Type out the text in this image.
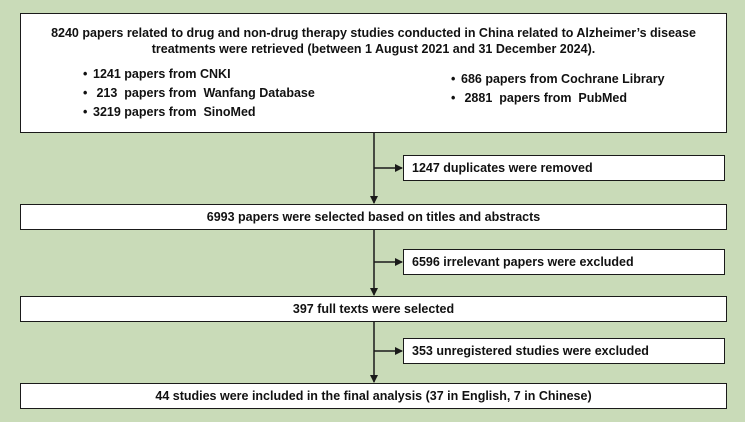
8240 papers related to drug and non-drug therapy studies conducted in China related to Alzheimer’s disease treatments were retrieved (between 1 August 2021 and 31 December 2024).
• 1241 papers from CNKI
•  213  papers from  Wanfang Database
• 3219 papers from  SinoMed
• 686 papers from Cochrane Library
•  2881  papers from  PubMed
1247 duplicates were removed
6993 papers were selected based on titles and abstracts
6596 irrelevant papers were excluded
397 full texts were selected
353 unregistered studies were excluded
44 studies were included in the final analysis (37 in English, 7 in Chinese)
